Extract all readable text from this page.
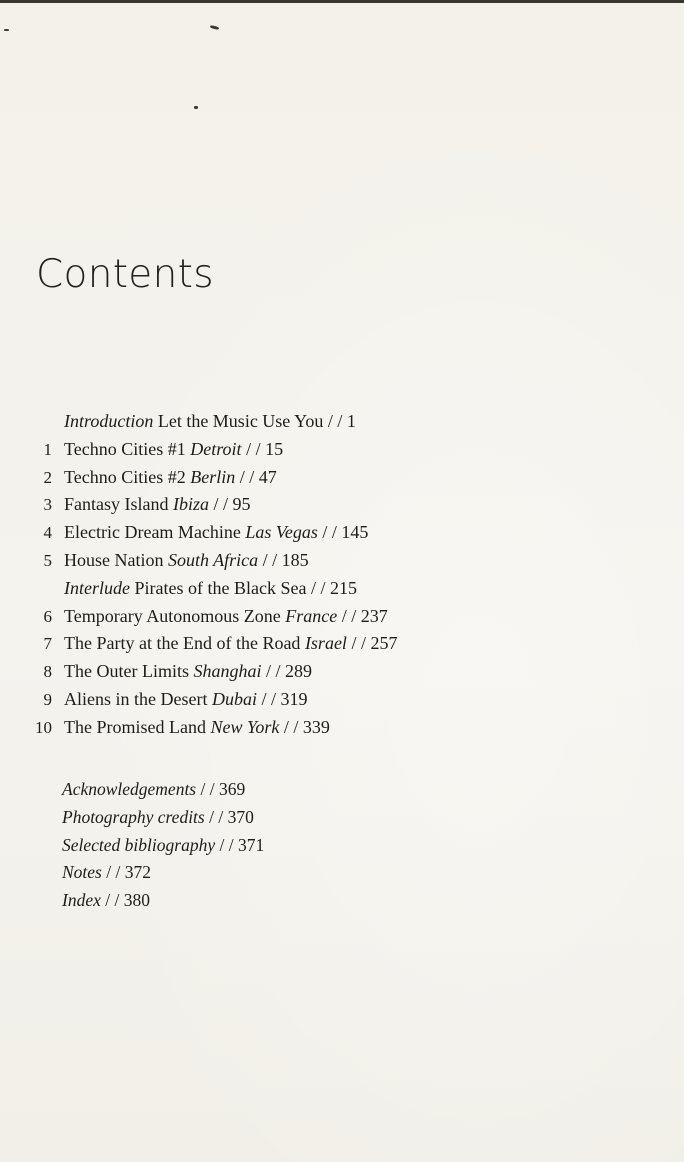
Contents
Introduction Let the Music Use You / / 1
1 Techno Cities #1 Detroit / / 15
2 Techno Cities #2 Berlin / / 47
3 Fantasy Island Ibiza / / 95
4 Electric Dream Machine Las Vegas / / 145
5 House Nation South Africa / / 185
Interlude Pirates of the Black Sea / / 215
6 Temporary Autonomous Zone France / / 237
7 The Party at the End of the Road Israel / / 257
8 The Outer Limits Shanghai / / 289
9 Aliens in the Desert Dubai / / 319
10 The Promised Land New York / / 339
Acknowledgements / / 369
Photography credits / / 370
Selected bibliography / / 371
Notes / / 372
Index / / 380
